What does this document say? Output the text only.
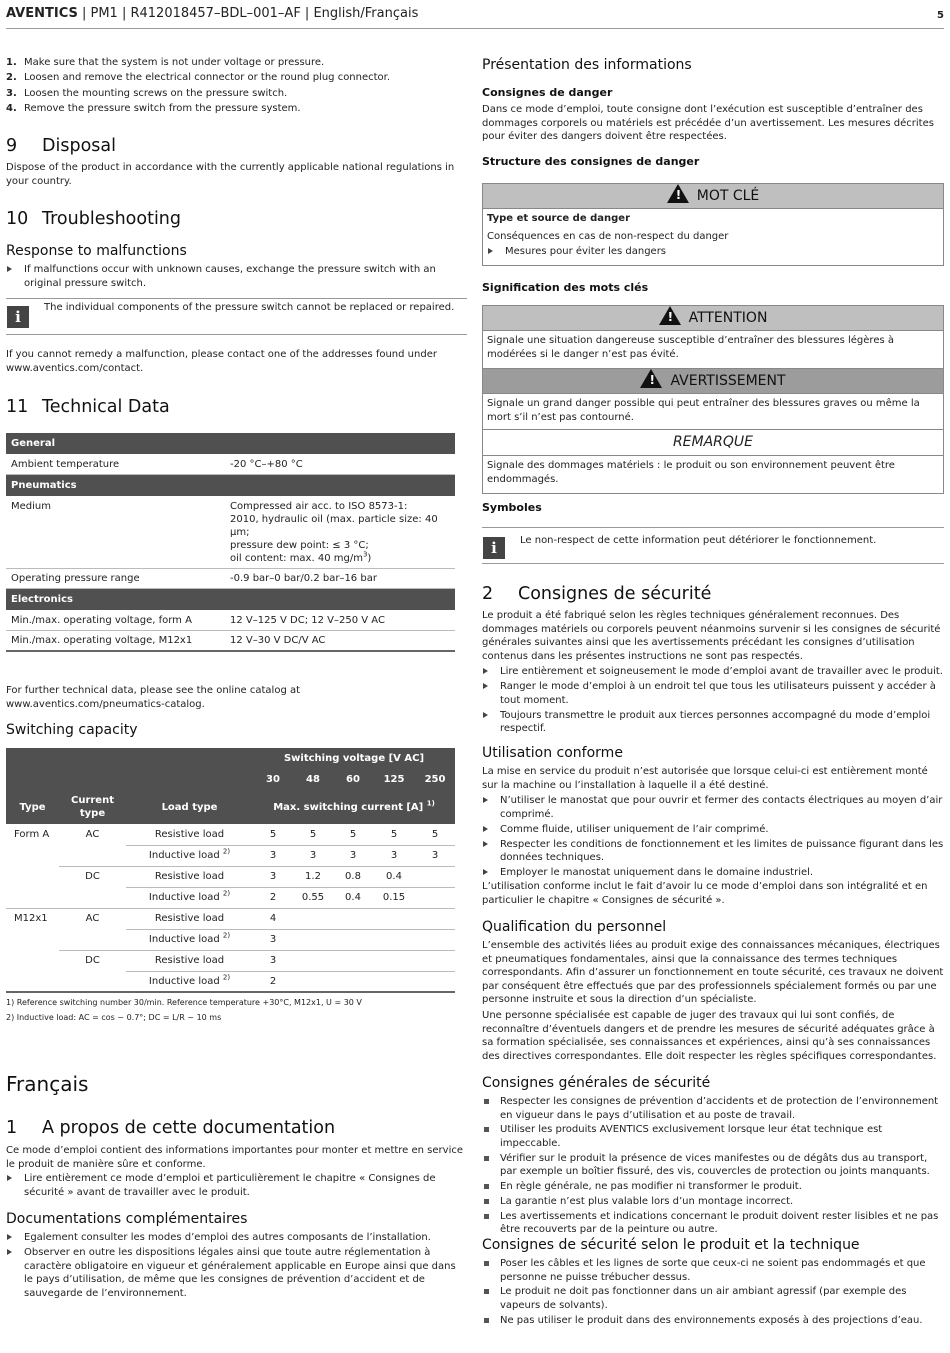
AVENTICS | PM1 | R412018457–BDL–001–AF | English/Français	5
1. Make sure that the system is not under voltage or pressure.
2. Loosen and remove the electrical connector or the round plug connector.
3. Loosen the mounting screws on the pressure switch.
4. Remove the pressure switch from the pressure system.
9 Disposal

Dispose of the product in accordance with the currently applicable national regulations in your country.

10 Troubleshooting
Response to malfunctions
If malfunctions occur with unknown causes, exchange the pressure switch with an original pressure switch.
i

The individual components of the pressure switch cannot be replaced or repaired.

If you cannot remedy a malfunction, please contact one of the addresses found under www.aventics.com/contact.

11 Technical Data
General	
Ambient temperature	-20 °C–+80 °C
Pneumatics	
Medium	Compressed air acc. to ISO 8573-1:
2010, hydraulic oil (max. particle size: 40 µm;
pressure dew point: ≤ 3 °C;
oil content: max. 40 $mg/m^3$)

Operating pressure range	-0.9 bar–0 bar/0.2 bar–16 bar
Electronics	
Min./max. operating voltage, form A	12 V–125 V DC; 12 V–250 V AC
Min./max. operating voltage, M12x1	12 V–30 V DC/V AC

For further technical data, please see the online catalog at www.aventics.com/pneumatics-catalog.

Switching capacity
			Switching voltage [V AC]				
			30	48	60	125	250
Type	Current type	Load type	Max. switching current [A] $^{1)}$
Form A	AC	Resistive load	5	5	5	5	5
		Inductive load $^{2)}$	3	3	3	3	3
	DC	Resistive load	3	1.2	0.8	0.4	
		Inductive load $^{2)}$	2	0.55	0.4	0.15	
M12x1	AC	Resistive load	4				
		Inductive load $^{2)}$	3				
	DC	Resistive load	3				
		Inductive load $^{2)}$	2				

1) Reference switching number 30/min. Reference temperature +30°C, M12x1, U = 30 V

2) Inductive load: AC = cos ~ 0.7°; DC = L/R ~ 10 ms

Français
1 A propos de cette documentation

Ce mode d’emploi contient des informations importantes pour monter et mettre en service le produit de manière sûre et conforme.

Lire entièrement ce mode d’emploi et particulièrement le chapitre « Consignes de sécurité » avant de travailler avec le produit.
Documentations complémentaires
Egalement consulter les modes d’emploi des autres composants de l’installation.
Observer en outre les dispositions légales ainsi que toute autre réglementation à caractère obligatoire en vigueur et généralement applicable en Europe ainsi que dans le pays d’utilisation, de même que les consignes de prévention d’accident et de sauvegarde de l’environnement.
Présentation des informations
Consignes de danger

Dans ce mode d’emploi, toute consigne dont l’exécution est susceptible d’entraîner des dommages corporels ou matériels est précédée d’un avertissement. Les mesures décrites pour éviter des dangers doivent être respectées.

Structure des consignes de danger
! MOT CLÉ
Type et source de danger
Conséquences en cas de non-respect du danger
Mesures pour éviter les dangers
Signification des mots clés
! ATTENTION
Signale une situation dangereuse susceptible d’entraîner des blessures légères à modérées si le danger n’est pas évité.
! AVERTISSEMENT
Signale un grand danger possible qui peut entraîner des blessures graves ou même la mort s’il n’est pas contourné.
REMARQUE
Signale des dommages matériels : le produit ou son environnement peuvent être endommagés.
Symboles
i	Le non-respect de cette information peut détériorer le fonctionnement.

2 Consignes de sécurité

Le produit a été fabriqué selon les règles techniques généralement reconnues. Des dommages matériels ou corporels peuvent néanmoins survenir si les consignes de sécurité générales suivantes ainsi que les avertissements précédant les consignes d’utilisation contenus dans les présentes instructions ne sont pas respectés.

Lire entièrement et soigneusement le mode d’emploi avant de travailler avec le produit.
Ranger le mode d’emploi à un endroit tel que tous les utilisateurs puissent y accéder à tout moment.
Toujours transmettre le produit aux tierces personnes accompagné du mode d’emploi respectif.
Utilisation conforme

La mise en service du produit n’est autorisée que lorsque celui-ci est entièrement monté sur la machine ou l’installation à laquelle il a été destiné.

N’utiliser le manostat que pour ouvrir et fermer des contacts électriques au moyen d’air comprimé.
Comme fluide, utiliser uniquement de l’air comprimé.
Respecter les conditions de fonctionnement et les limites de puissance figurant dans les données techniques.
Employer le manostat uniquement dans le domaine industriel.

L’utilisation conforme inclut le fait d’avoir lu ce mode d’emploi dans son intégralité et en particulier le chapitre « Consignes de sécurité ».

Qualification du personnel

L’ensemble des activités liées au produit exige des connaissances mécaniques, électriques et pneumatiques fondamentales, ainsi que la connaissance des termes techniques correspondants. Afin d’assurer un fonctionnement en toute sécurité, ces travaux ne doivent par conséquent être effectués que par des professionnels spécialement formés ou par une personne instruite et sous la direction d’un spécialiste.

Une personne spécialisée est capable de juger des travaux qui lui sont confiés, de reconnaître d’éventuels dangers et de prendre les mesures de sécurité adéquates grâce à sa formation spécialisée, ses connaissances et expériences, ainsi qu’à ses connaissances des directives correspondantes. Elle doit respecter les règles spécifiques correspondantes.

Consignes générales de sécurité
Respecter les consignes de prévention d’accidents et de protection de l’environnement en vigueur dans le pays d’utilisation et au poste de travail.
Utiliser les produits AVENTICS exclusivement lorsque leur état technique est impeccable.
Vérifier sur le produit la présence de vices manifestes ou de dégâts dus au transport, par exemple un boîtier fissuré, des vis, couvercles de protection ou joints manquants.
En règle générale, ne pas modifier ni transformer le produit.
La garantie n’est plus valable lors d’un montage incorrect.
Les avertissements et indications concernant le produit doivent rester lisibles et ne pas être recouverts par de la peinture ou autre.
Consignes de sécurité selon le produit et la technique
Poser les câbles et les lignes de sorte que ceux-ci ne soient pas endommagés et que personne ne puisse trébucher dessus.
Le produit ne doit pas fonctionner dans un air ambiant agressif (par exemple des vapeurs de solvants).
Ne pas utiliser le produit dans des environnements exposés à des projections d’eau.
